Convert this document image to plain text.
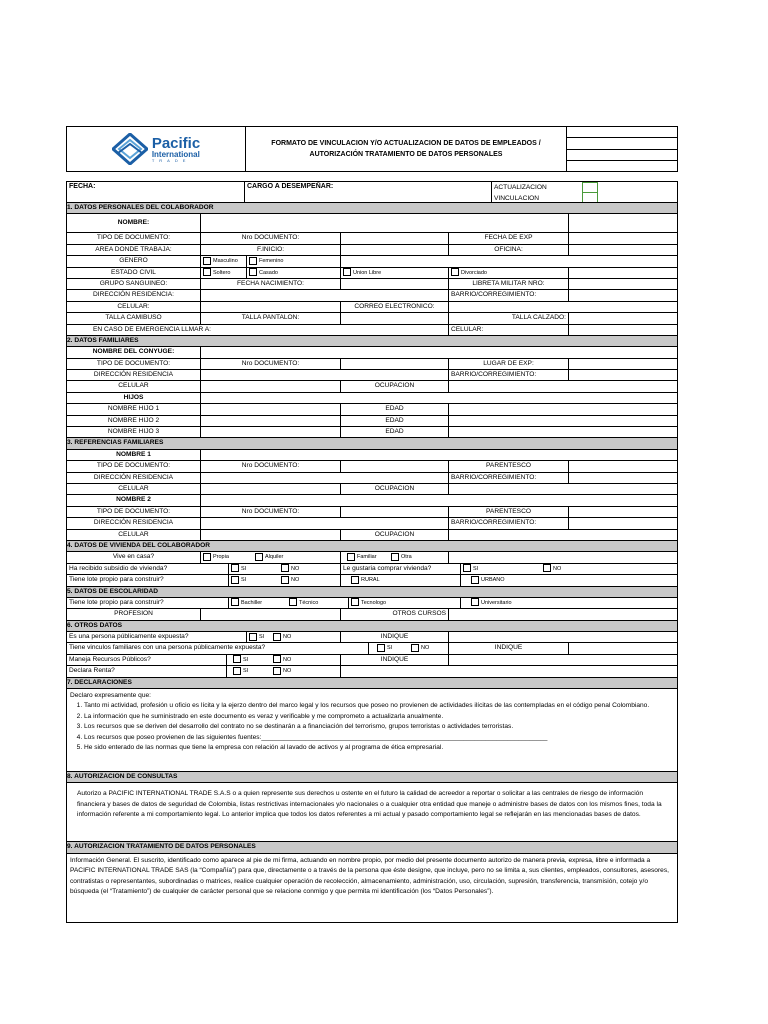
Pacific
International
TRADE
FORMATO DE VINCULACION Y/O ACTUALIZACION DE DATOS DE EMPLEADOS /
AUTORIZACIÓN TRATAMIENTO DE DATOS PERSONALES
FECHA:	CARGO A DESEMPEÑAR:	ACTUALIZACION
VINCULACION
1. DATOS PERSONALES DEL COLABORADOR
NOMBRE:
TIPO DE DOCUMENTO:	Nro DOCUMENTO:	FECHA DE EXP
AREA DONDE TRABAJA:	F.INICIO:	OFICINA:
GENERO	Masculino	Femenino
ESTADO CIVIL	Soltero	Casado	Union Libre	Divorciado
GRUPO SANGUINEO:	FECHA NACIMIENTO:	LIBRETA MILITAR NRO:
DIRECCIÓN RESIDENCIA:	BARRIO/CORREGIMIENTO:
CELULAR:	CORREO ELECTRONICO:
TALLA CAMIBUSO	TALLA PANTALON:	TALLA CALZADO:
EN CASO DE EMERGENCIA LLMAR A:	CELULAR:
2. DATOS FAMILIARES
NOMBRE DEL CONYUGE:
TIPO DE DOCUMENTO:	Nro DOCUMENTO:	LUGAR DE EXP:
DIRECCIÓN RESIDENCIA	BARRIO/CORREGIMIENTO:
CELULAR	OCUPACION
HIJOS
NOMBRE HIJO 1	EDAD
NOMBRE HIJO 2	EDAD
NOMBRE HIJO 3	EDAD
3. REFERENCIAS FAMILIARES
NOMBRE 1
TIPO DE DOCUMENTO:	Nro DOCUMENTO:	PARENTESCO
DIRECCIÓN RESIDENCIA	BARRIO/CORREGIMIENTO:
CELULAR	OCUPACION
NOMBRE 2
TIPO DE DOCUMENTO:	Nro DOCUMENTO:	PARENTESCO
DIRECCIÓN RESIDENCIA	BARRIO/CORREGIMIENTO:
CELULAR	OCUPACION
4. DATOS DE VIVIENDA DEL COLABORADOR
Vive en casa?	Propia	Alquiler	Familiar	Otra
Ha recibido subsidio de vivienda?	SI	NO	Le gustaria comprar vivienda?	SI	NO
Tiene lote propio para construir?	SI	NO	RURAL	URBANO
5. DATOS DE ESCOLARIDAD
Tiene lote propio para construir?	Bachiller	Técnico	Tecnologo	Universitario
PROFESION	OTROS CURSOS
6. OTROS DATOS
Es una persona públicamente expuesta?	SI	NO	INDIQUE
Tiene vinculos familiares con una persona públicamente expuesta?	SI	NO	INDIQUE
Maneja Recursos Públicos?	SI	NO	INDIQUE
Declara Renta?	SI	NO
7. DECLARACIONES
Declaro expresamente que:
1. Tanto mi actividad, profesión u oficio es lícita y la ejerzo dentro del marco legal y los recursos que poseo no provienen de actividades ilícitas de las contempladas en el código penal Colombiano.
2. La información que he suministrado en este documento es veraz y verificable y me comprometo a actualizarla anualmente.
3. Los recursos que se deriven del desarrollo del contrato no se destinarán a a financiación del terrorismo, grupos terroristas o actividades terroristas.
4. Los recursos que poseo provienen de las siguientes fuentes:______________________________________________________________________________
5. He sido enterado de las normas que tiene la empresa con relación al lavado de activos y al programa de ética empresarial.
8. AUTORIZACION DE CONSULTAS
Autorizo a PACIFIC INTERNATIONAL TRADE S.A.S o a quien represente sus derechos u ostente en el futuro la calidad de acreedor a reportar o solicitar a las centrales de riesgo de información financiera y bases de datos de seguridad de Colombia, listas restrictivas internacionales y/o nacionales o a cualquier otra entidad que maneje o administre bases de datos con los mismos fines, toda la información referente a mi comportamiento legal. Lo anterior implica que todos los datos referentes a mi actual y pasado comportamiento legal se reflejarán en las mencionadas bases de datos.
9. AUTORIZACION TRATAMIENTO DE DATOS PERSONALES
Información General. El suscrito, identificado como aparece al pie de mi firma, actuando en nombre propio, por medio del presente documento autorizo de manera previa, expresa, libre e informada a PACIFIC INTERNATIONAL TRADE SAS (la “Compañía”) para que, directamente o a través de la persona que éste designe, que incluye, pero no se limita a, sus clientes, empleados, consultores, asesores, contratistas o representantes, subordinadas o matrices, realice cualquier operación de recolección, almacenamiento, administración, uso, circulación, supresión, transferencia, transmisión, cotejo y/o búsqueda (el “Tratamiento”) de cualquier de carácter personal que se relacione conmigo y que permita mi identificación (los “Datos Personales”).
